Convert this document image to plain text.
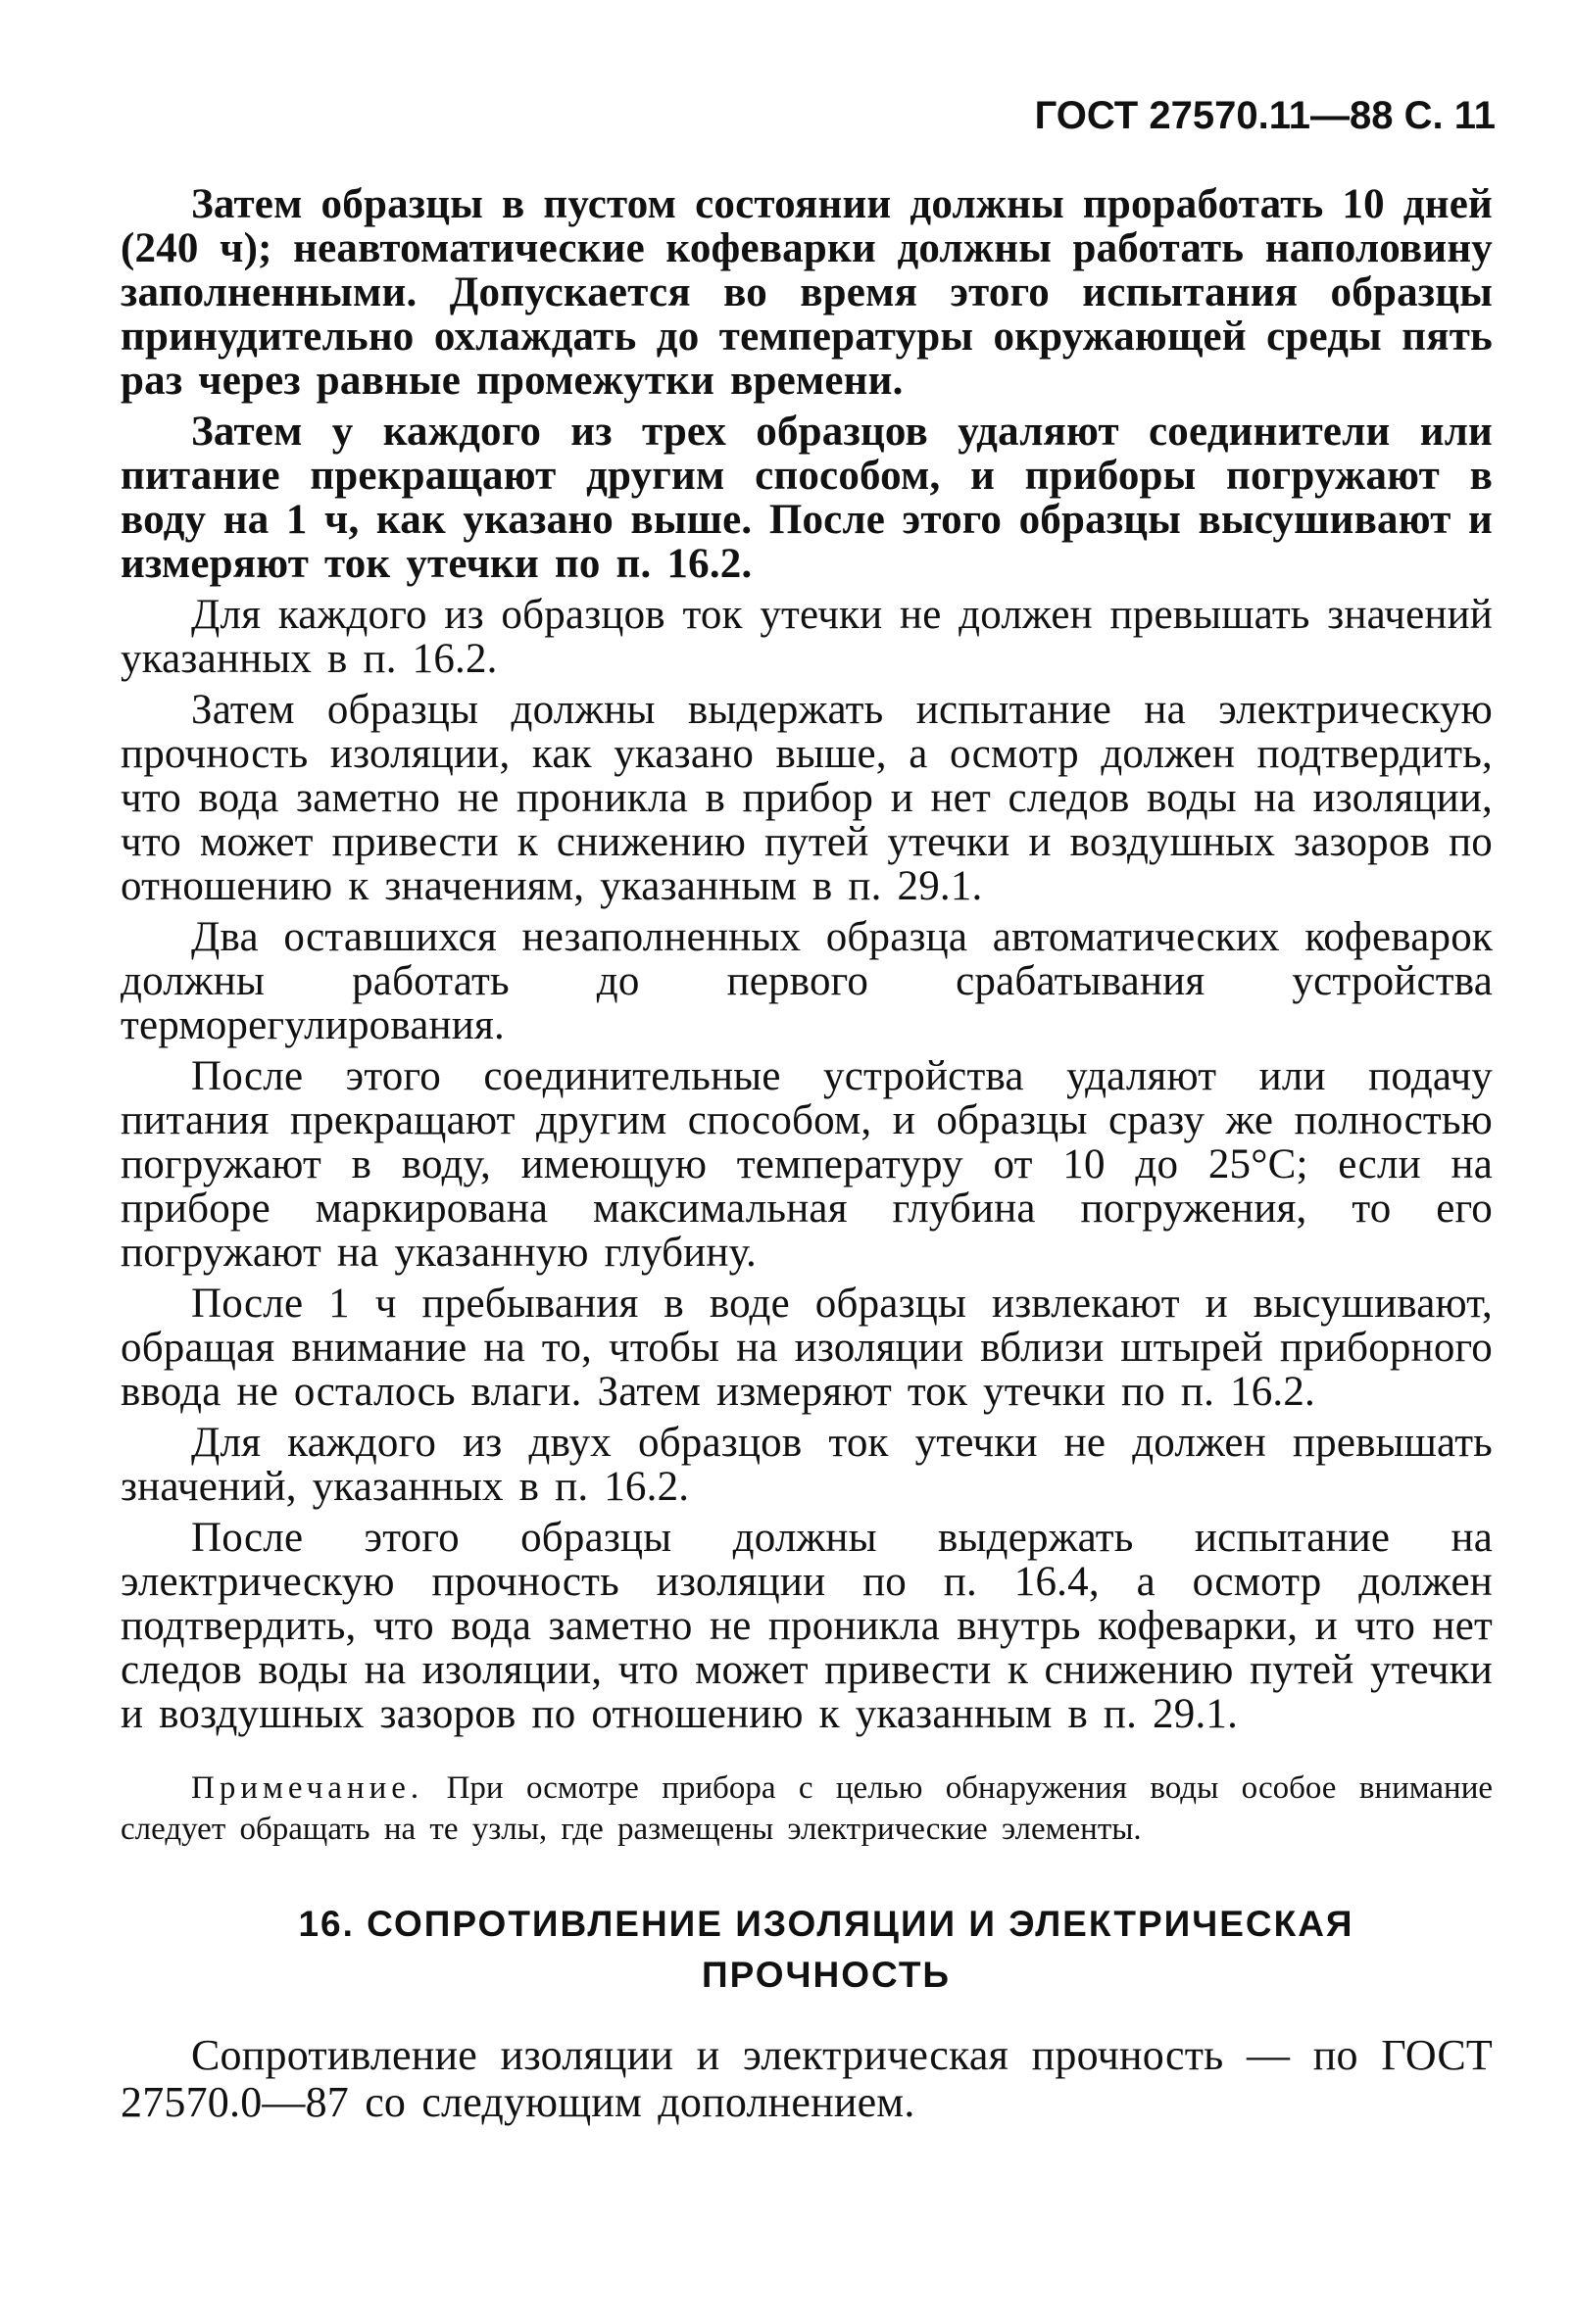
ГОСТ 27570.11—88 С. 11

Затем образцы в пустом состоянии должны проработать 10 дней (240 ч); неавтоматические кофеварки должны работать наполовину заполненными. Допускается во время этого испытания образцы принудительно охлаждать до температуры окружающей среды пять раз через равные промежутки времени.

Затем у каждого из трех образцов удаляют соединители или питание прекращают другим способом, и приборы погружают в воду на 1 ч, как указано выше. После этого образцы высушивают и измеряют ток утечки по п. 16.2.

Для каждого из образцов ток утечки не должен превышать значений указанных в п. 16.2.

Затем образцы должны выдержать испытание на электрическую прочность изоляции, как указано выше, а осмотр должен подтвердить, что вода заметно не проникла в прибор и нет следов воды на изоляции, что может привести к снижению путей утечки и воздушных зазоров по отношению к значениям, указанным в п. 29.1.

Два оставшихся незаполненных образца автоматических кофеварок должны работать до первого срабатывания устройства терморегулирования.

После этого соединительные устройства удаляют или подачу питания прекращают другим способом, и образцы сразу же полностью погружают в воду, имеющую температуру от 10 до 25°С; если на приборе маркирована максимальная глубина погружения, то его погружают на указанную глубину.

После 1 ч пребывания в воде образцы извлекают и высушивают, обращая внимание на то, чтобы на изоляции вблизи штырей приборного ввода не осталось влаги. Затем измеряют ток утечки по п. 16.2.

Для каждого из двух образцов ток утечки не должен превышать значений, указанных в п. 16.2.

После этого образцы должны выдержать испытание на электрическую прочность изоляции по п. 16.4, а осмотр должен подтвердить, что вода заметно не проникла внутрь кофеварки, и что нет следов воды на изоляции, что может привести к снижению путей утечки и воздушных зазоров по отношению к указанным в п. 29.1.

Примечание. При осмотре прибора с целью обнаружения воды особое внимание следует обращать на те узлы, где размещены электрические элементы.

16. СОПРОТИВЛЕНИЕ ИЗОЛЯЦИИ И ЭЛЕКТРИЧЕСКАЯ
ПРОЧНОСТЬ

Сопротивление изоляции и электрическая прочность — по ГОСТ 27570.0—87 со следующим дополнением.
